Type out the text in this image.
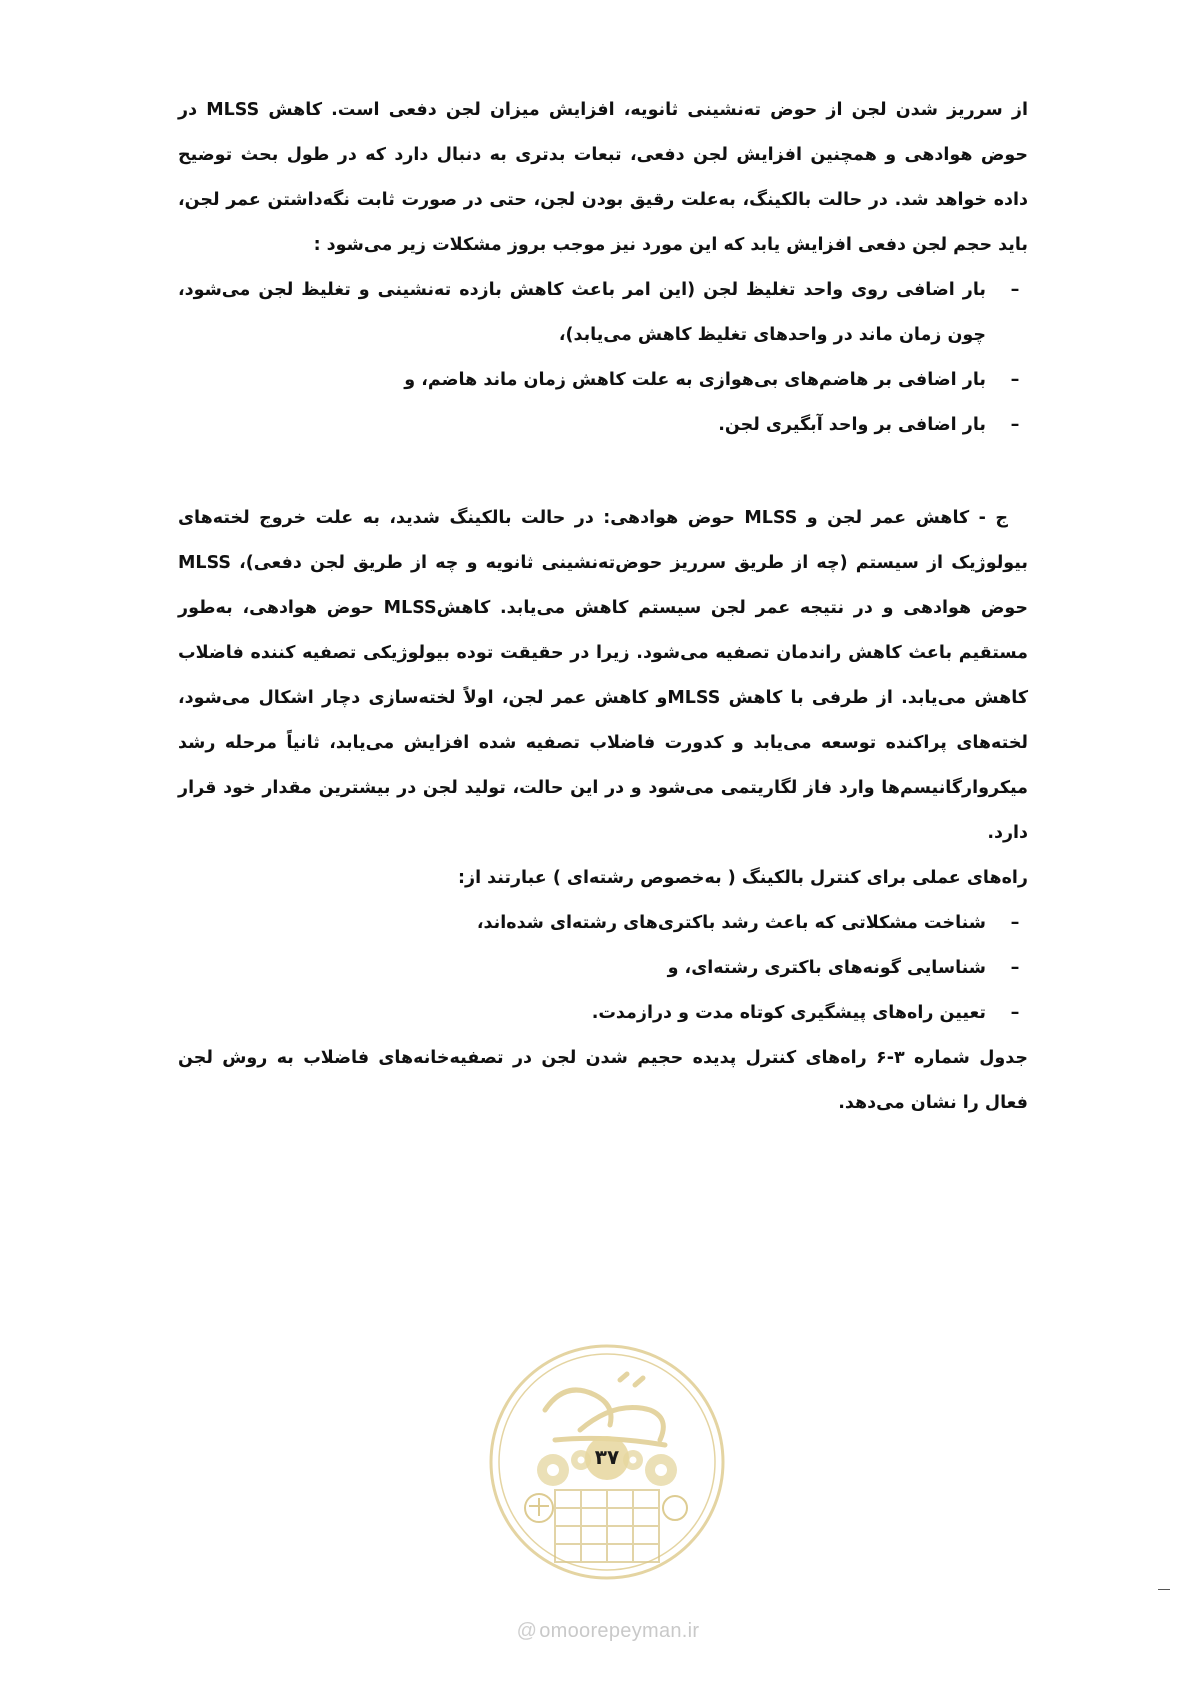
از سرریز شدن لجن از حوض ته‌نشینی ثانویه، افزایش میزان لجن دفعی است. کاهش MLSS در حوض هوادهی و همچنین افزایش لجن دفعی، تبعات بدتری به دنبال دارد که در طول بحث توضیح داده خواهد شد. در حالت بالکینگ، به‌علت رقیق بودن لجن، حتی در صورت ثابت نگه‌داشتن عمر لجن، باید حجم لجن دفعی افزایش یابد که این مورد نیز موجب بروز مشکلات زیر می‌شود :

–
بار اضافی روی واحد تغلیظ لجن (این امر باعث کاهش بازده ته‌نشینی و تغلیظ لجن می‌شود، چون زمان ماند در واحدهای تغلیظ کاهش می‌یابد)،
–
بار اضافی بر هاضم‌های بی‌هوازی به علت کاهش زمان ماند هاضم، و
–
بار اضافی بر واحد آبگیری لجن.

ج - کاهش عمر لجن و MLSS حوض هوادهی: در حالت بالکینگ شدید، به علت خروج لخته‌های بیولوژیک از سیستم (چه از طریق سرریز حوض‌ته‌نشینی ثانویه و چه از طریق لجن دفعی)، MLSS حوض هوادهی و در نتیجه عمر لجن سیستم کاهش می‌یابد. کاهشMLSS حوض هوادهی، به‌طور مستقیم باعث کاهش راندمان تصفیه می‌شود. زیرا در حقیقت توده بیولوژیکی تصفیه کننده فاضلاب کاهش می‌یابد. از طرفی با کاهش MLSSو کاهش عمر لجن، اولاً لخته‌سازی دچار اشکال می‌شود، لخته‌های پراکنده توسعه می‌یابد و کدورت فاضلاب تصفیه شده افزایش می‌یابد، ثانیاً مرحله رشد میکروارگانیسم‌ها وارد فاز لگاریتمی می‌شود و در این حالت، تولید لجن در بیشترین مقدار خود قرار دارد.

راه‌های عملی برای کنترل بالکینگ ( به‌خصوص رشته‌ای ) عبارتند از:

–
شناخت مشکلاتی که باعث رشد باکتری‌های رشته‌ای شده‌اند،
–
شناسایی گونه‌های باکتری رشته‌ای، و
–
تعیین راه‌های پیشگیری کوتاه مدت و درازمدت.

جدول شماره ۳-۶ راه‌های کنترل پدیده حجیم شدن لجن در تصفیه‌خانه‌های فاضلاب به روش لجن فعال را نشان می‌دهد.

۳۷
@ omoorepeyman.ir
